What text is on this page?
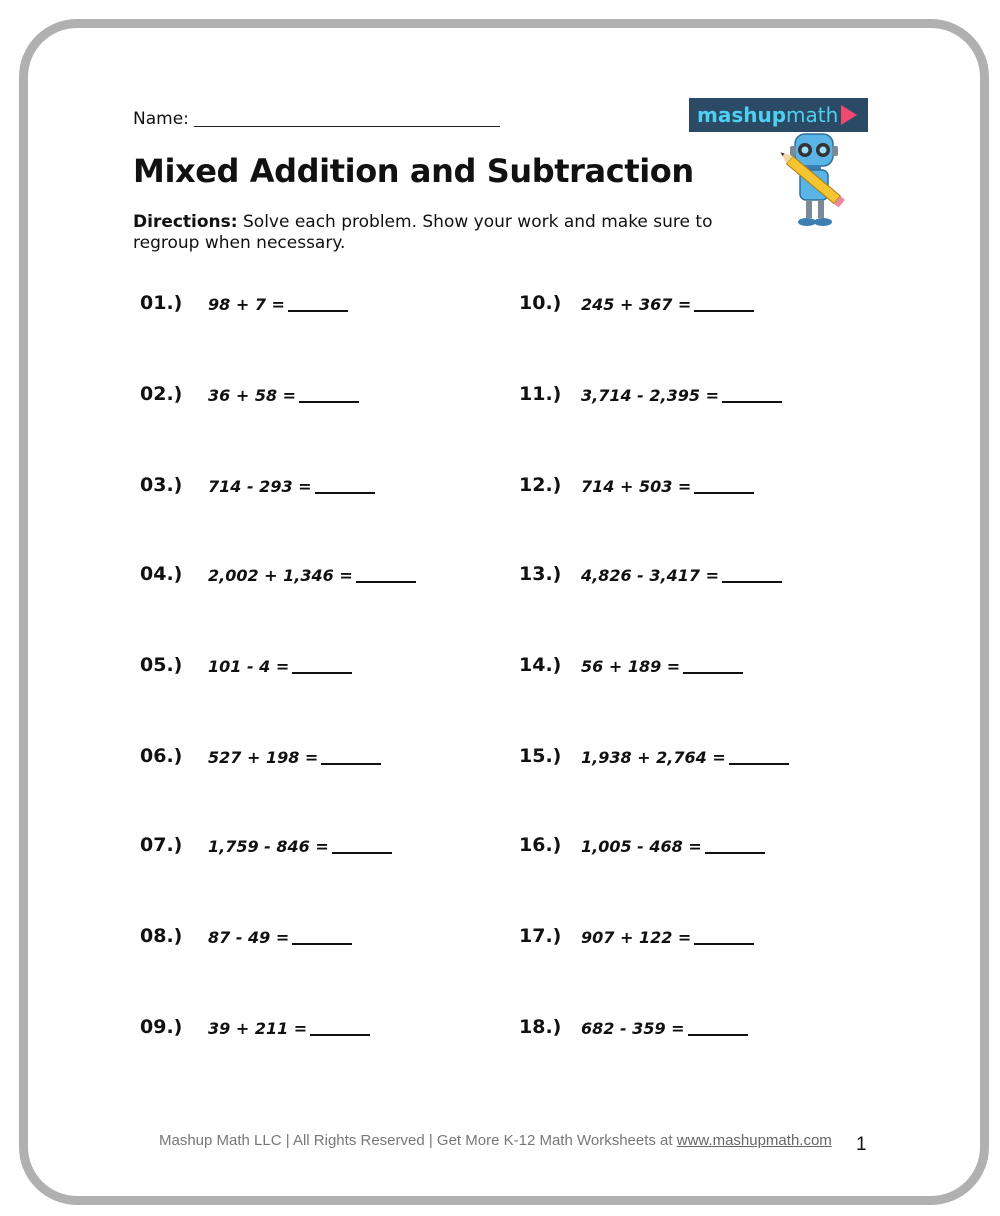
Name:	mashup math
Mixed Addition and Subtraction
Directions: Solve each problem. Show your work and make sure to regroup when necessary.
01.) 98 + 7 =
02.) 36 + 58 =
03.) 714 - 293 =
04.) 2,002 + 1,346 =
05.) 101 - 4 =
06.) 527 + 198 =
07.) 1,759 - 846 =
08.) 87 - 49 =
09.) 39 + 211 =
10.) 245 + 367 =
11.) 3,714 - 2,395 =
12.) 714 + 503 =
13.) 4,826 - 3,417 =
14.) 56 + 189 =
15.) 1,938 + 2,764 =
16.) 1,005 - 468 =
17.) 907 + 122 =
18.) 682 - 359 =
Mashup Math LLC | All Rights Reserved | Get More K-12 Math Worksheets at www.mashupmath.com 1
